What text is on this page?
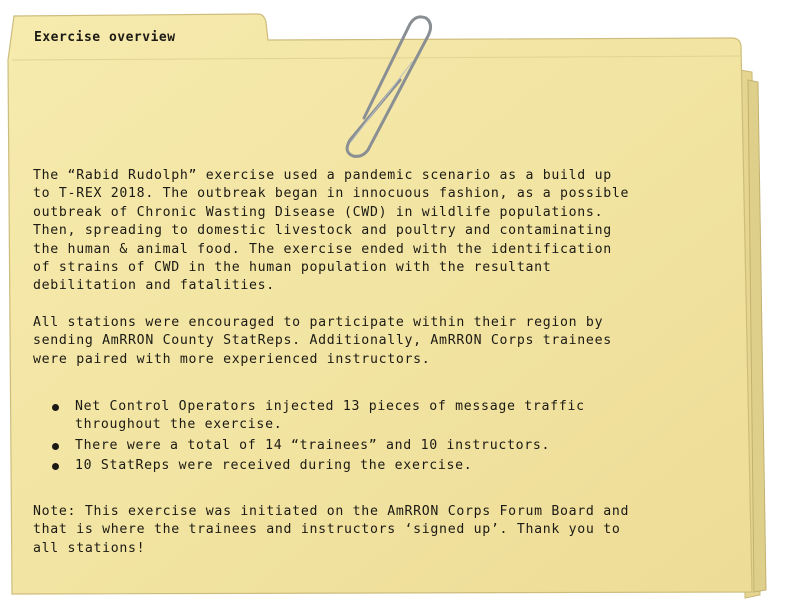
Exercise overview
The “Rabid Rudolph” exercise used a pandemic scenario as a build up
to T-REX 2018. The outbreak began in innocuous fashion, as a possible
outbreak of Chronic Wasting Disease (CWD) in wildlife populations.
Then, spreading to domestic livestock and poultry and contaminating
the human & animal food. The exercise ended with the identification
of strains of CWD in the human population with the resultant
debilitation and fatalities.
All stations were encouraged to participate within their region by
sending AmRRON County StatReps. Additionally, AmRRON Corps trainees
were paired with more experienced instructors.
Net Control Operators injected 13 pieces of message traffic
throughout the exercise.
There were a total of 14 “trainees” and 10 instructors.
10 StatReps were received during the exercise.
Note: This exercise was initiated on the AmRRON Corps Forum Board and
that is where the trainees and instructors ‘signed up’. Thank you to
all stations!
